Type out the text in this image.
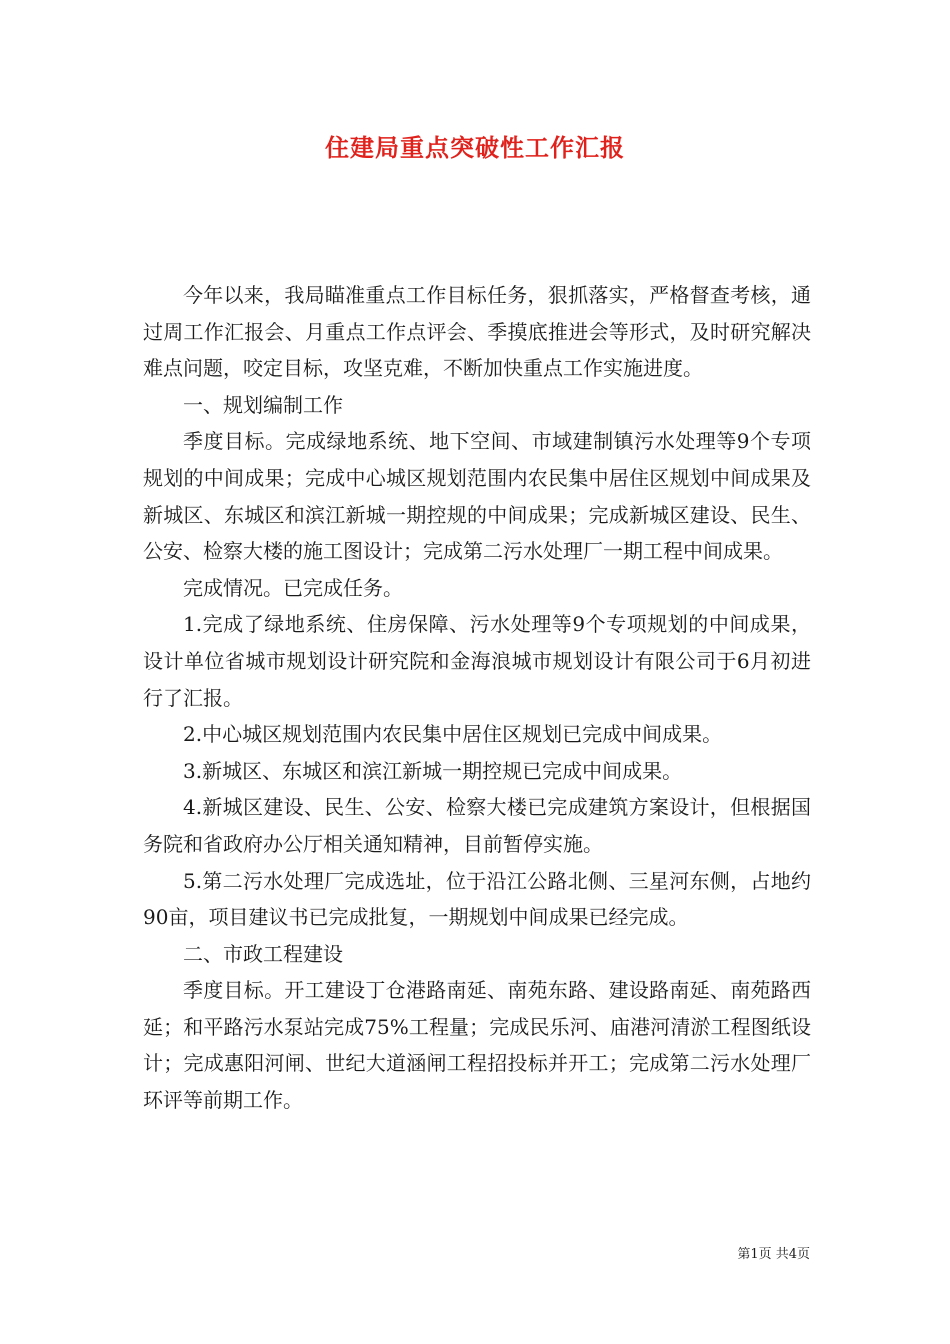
住建局重点突破性工作汇报

今年以来，我局瞄准重点工作目标任务，狠抓落实，严格督查考核，通过周工作汇报会、月重点工作点评会、季摸底推进会等形式，及时研究解决难点问题，咬定目标，攻坚克难，不断加快重点工作实施进度。

一、规划编制工作

季度目标。完成绿地系统、地下空间、市域建制镇污水处理等9个专项规划的中间成果；完成中心城区规划范围内农民集中居住区规划中间成果及新城区、东城区和滨江新城一期控规的中间成果；完成新城区建设、民生、公安、检察大楼的施工图设计；完成第二污水处理厂一期工程中间成果。

完成情况。已完成任务。

1.完成了绿地系统、住房保障、污水处理等9个专项规划的中间成果，设计单位省城市规划设计研究院和金海浪城市规划设计有限公司于6月初进行了汇报。

2.中心城区规划范围内农民集中居住区规划已完成中间成果。

3.新城区、东城区和滨江新城一期控规已完成中间成果。

4.新城区建设、民生、公安、检察大楼已完成建筑方案设计，但根据国务院和省政府办公厅相关通知精神，目前暂停实施。

5.第二污水处理厂完成选址，位于沿江公路北侧、三星河东侧，占地约90亩，项目建议书已完成批复，一期规划中间成果已经完成。

二、市政工程建设

季度目标。开工建设丁仓港路南延、南苑东路、建设路南延、南苑路西延；和平路污水泵站完成75%工程量；完成民乐河、庙港河清淤工程图纸设计；完成惠阳河闸、世纪大道涵闸工程招投标并开工；完成第二污水处理厂环评等前期工作。

第1页 共4页
